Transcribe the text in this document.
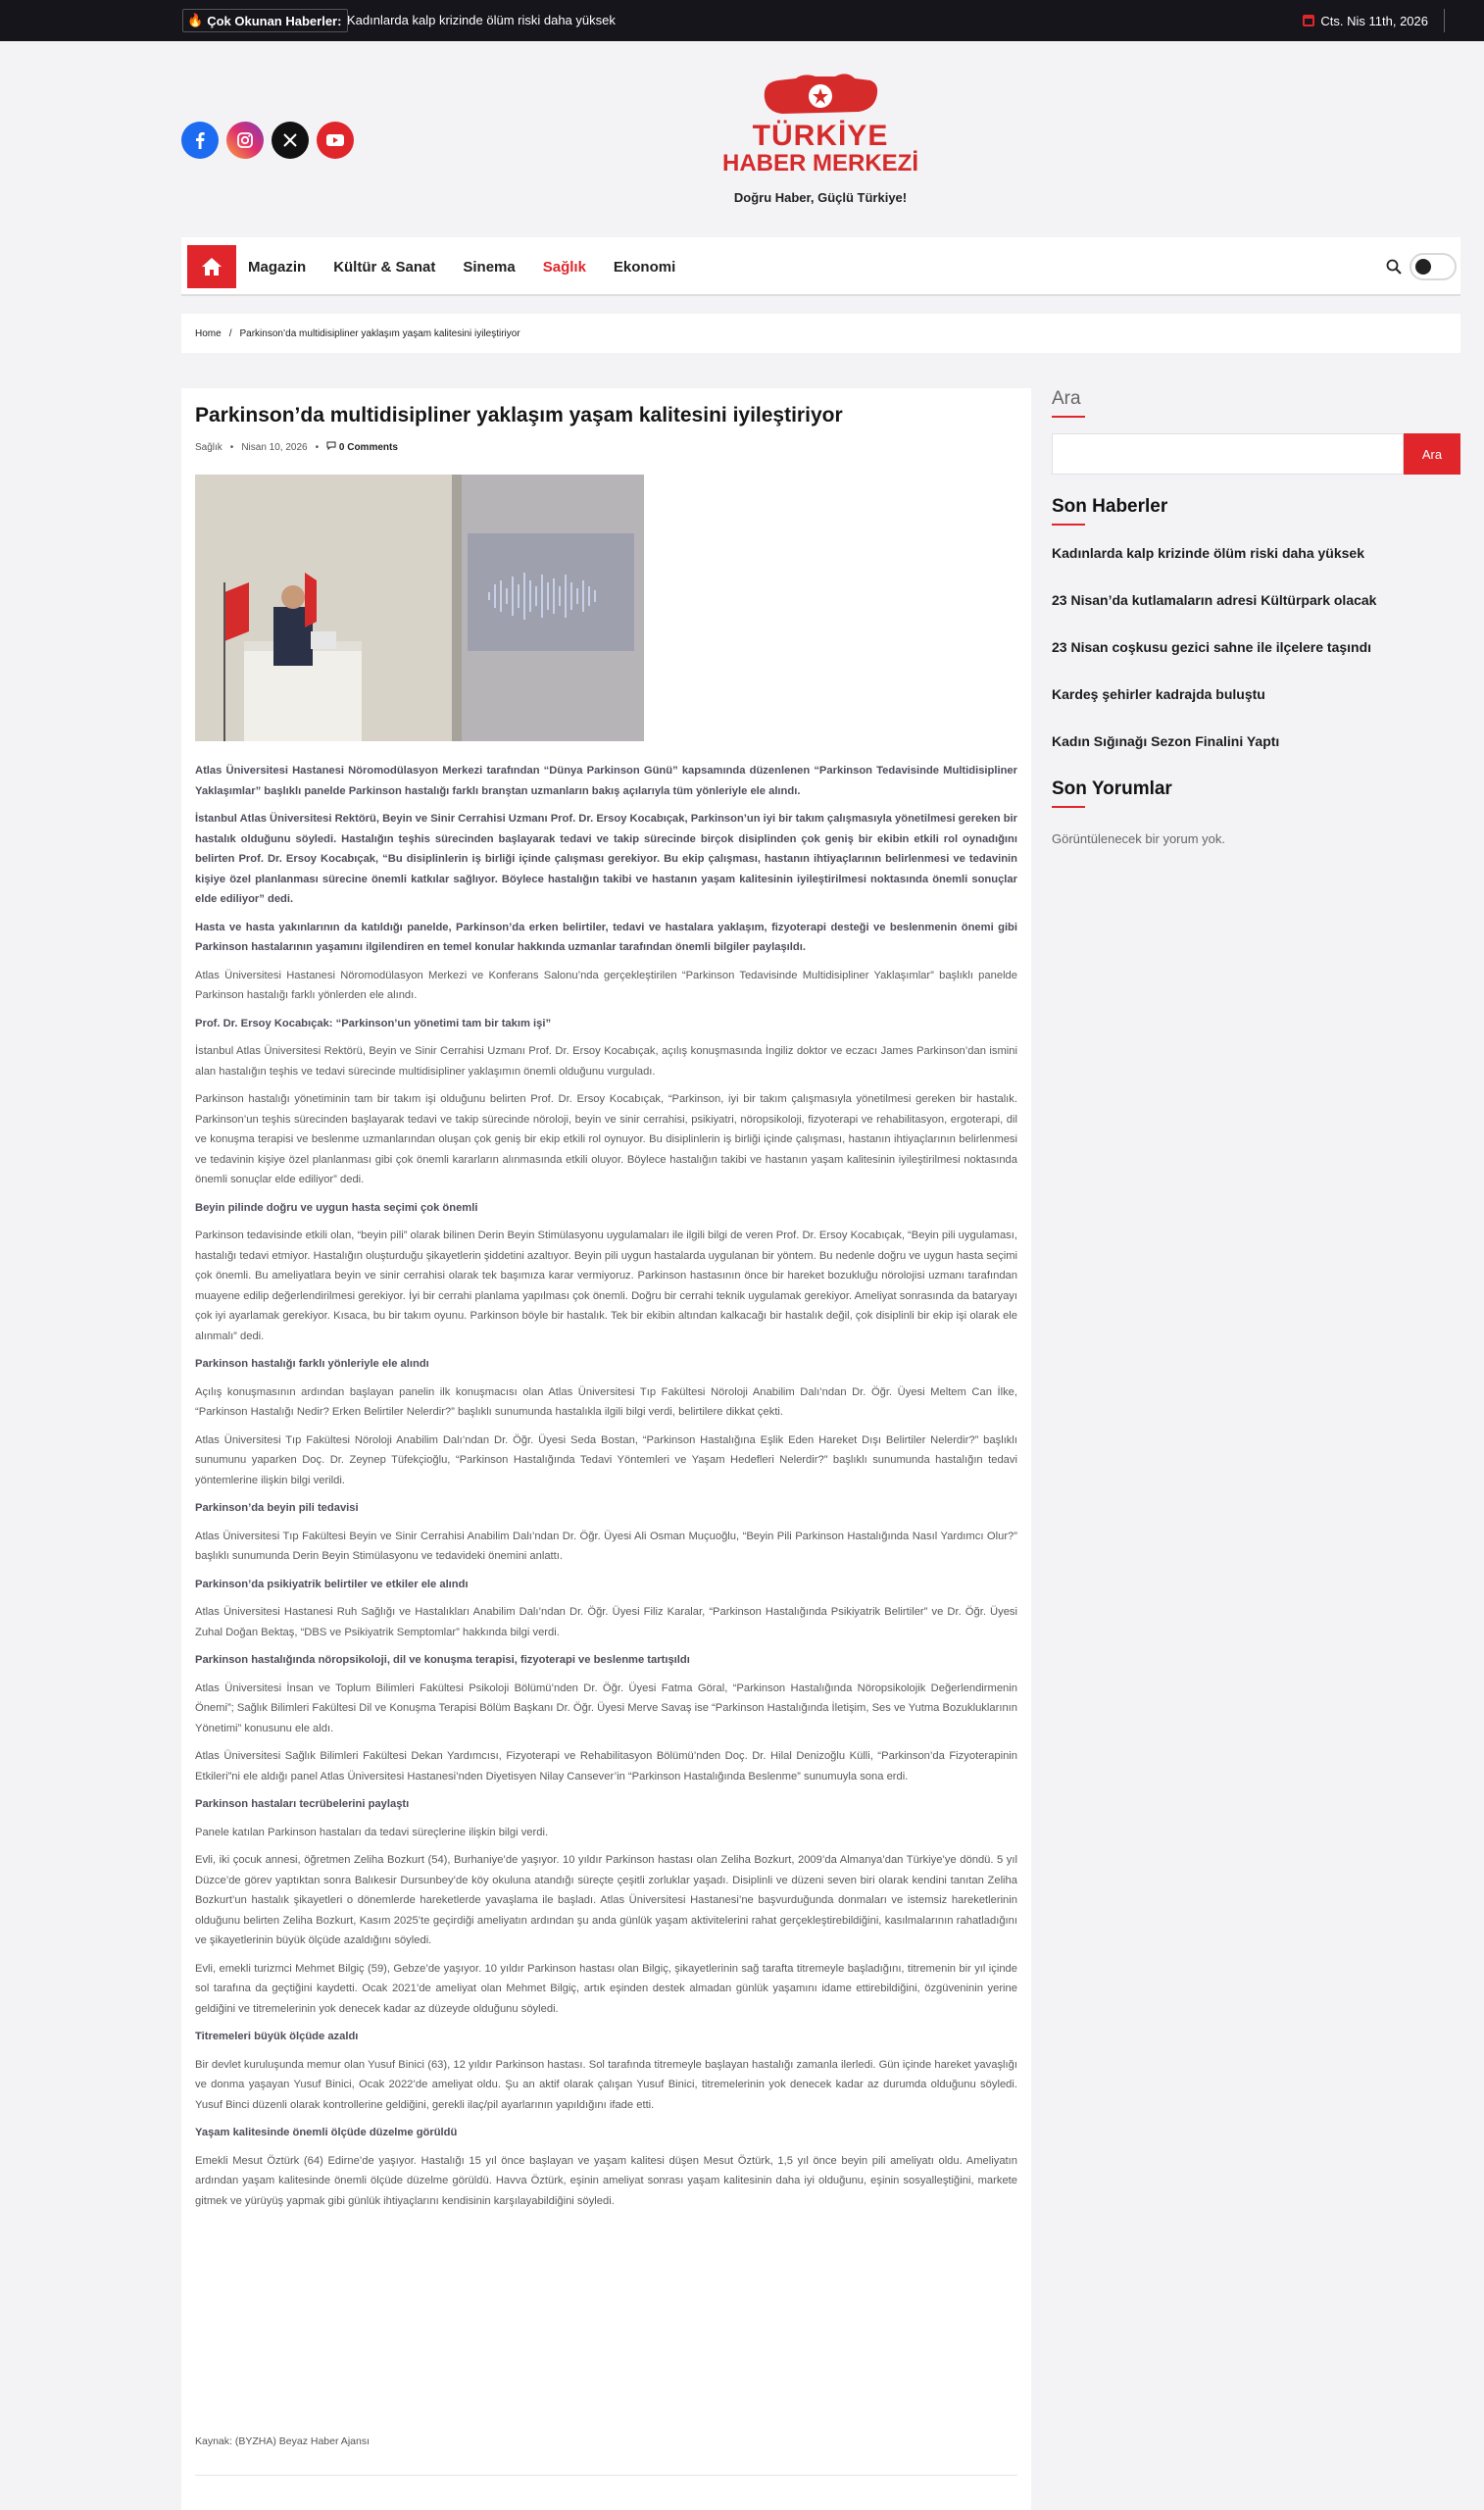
🔥 Çok Okunan Haberler: Kadınlarda kalp krizinde ölüm riski daha yüksek	Cts. Nis 11th, 2026
TÜRKİYE
HABER MERKEZİ
Doğru Haber, Güçlü Türkiye!
Magazin Kültür & Sanat Sinema Sağlık Ekonomi
Home / Parkinson’da multidisipliner yaklaşım yaşam kalitesini iyileştiriyor
Parkinson’da multidisipliner yaklaşım yaşam kalitesini iyileştiriyor
Sağlık • Nisan 10, 2026 •	0 Comments

Atlas Üniversitesi Hastanesi Nöromodülasyon Merkezi tarafından “Dünya Parkinson Günü” kapsamında düzenlenen “Parkinson Tedavisinde Multidisipliner Yaklaşımlar” başlıklı panelde Parkinson hastalığı farklı branştan uzmanların bakış açılarıyla tüm yönleriyle ele alındı.

İstanbul Atlas Üniversitesi Rektörü, Beyin ve Sinir Cerrahisi Uzmanı Prof. Dr. Ersoy Kocabıçak, Parkinson’un iyi bir takım çalışmasıyla yönetilmesi gereken bir hastalık olduğunu söyledi. Hastalığın teşhis sürecinden başlayarak tedavi ve takip sürecinde birçok disiplinden çok geniş bir ekibin etkili rol oynadığını belirten Prof. Dr. Ersoy Kocabıçak, “Bu disiplinlerin iş birliği içinde çalışması gerekiyor. Bu ekip çalışması, hastanın ihtiyaçlarının belirlenmesi ve tedavinin kişiye özel planlanması sürecine önemli katkılar sağlıyor. Böylece hastalığın takibi ve hastanın yaşam kalitesinin iyileştirilmesi noktasında önemli sonuçlar elde ediliyor” dedi.

Hasta ve hasta yakınlarının da katıldığı panelde, Parkinson’da erken belirtiler, tedavi ve hastalara yaklaşım, fizyoterapi desteği ve beslenmenin önemi gibi Parkinson hastalarının yaşamını ilgilendiren en temel konular hakkında uzmanlar tarafından önemli bilgiler paylaşıldı.

Atlas Üniversitesi Hastanesi Nöromodülasyon Merkezi ve Konferans Salonu’nda gerçekleştirilen “Parkinson Tedavisinde Multidisipliner Yaklaşımlar” başlıklı panelde Parkinson hastalığı farklı yönlerden ele alındı.

Prof. Dr. Ersoy Kocabıçak: “Parkinson’un yönetimi tam bir takım işi”

İstanbul Atlas Üniversitesi Rektörü, Beyin ve Sinir Cerrahisi Uzmanı Prof. Dr. Ersoy Kocabıçak, açılış konuşmasında İngiliz doktor ve eczacı James Parkinson’dan ismini alan hastalığın teşhis ve tedavi sürecinde multidisipliner yaklaşımın önemli olduğunu vurguladı.

Parkinson hastalığı yönetiminin tam bir takım işi olduğunu belirten Prof. Dr. Ersoy Kocabıçak, “Parkinson, iyi bir takım çalışmasıyla yönetilmesi gereken bir hastalık. Parkinson’un teşhis sürecinden başlayarak tedavi ve takip sürecinde nöroloji, beyin ve sinir cerrahisi, psikiyatri, nöropsikoloji, fizyoterapi ve rehabilitasyon, ergoterapi, dil ve konuşma terapisi ve beslenme uzmanlarından oluşan çok geniş bir ekip etkili rol oynuyor. Bu disiplinlerin iş birliği içinde çalışması, hastanın ihtiyaçlarının belirlenmesi ve tedavinin kişiye özel planlanması gibi çok önemli kararların alınmasında etkili oluyor. Böylece hastalığın takibi ve hastanın yaşam kalitesinin iyileştirilmesi noktasında önemli sonuçlar elde ediliyor” dedi.

Beyin pilinde doğru ve uygun hasta seçimi çok önemli

Parkinson tedavisinde etkili olan, “beyin pili” olarak bilinen Derin Beyin Stimülasyonu uygulamaları ile ilgili bilgi de veren Prof. Dr. Ersoy Kocabıçak, “Beyin pili uygulaması, hastalığı tedavi etmiyor. Hastalığın oluşturduğu şikayetlerin şiddetini azaltıyor. Beyin pili uygun hastalarda uygulanan bir yöntem. Bu nedenle doğru ve uygun hasta seçimi çok önemli. Bu ameliyatlara beyin ve sinir cerrahisi olarak tek başımıza karar vermiyoruz. Parkinson hastasının önce bir hareket bozukluğu nörolojisi uzmanı tarafından muayene edilip değerlendirilmesi gerekiyor. İyi bir cerrahi planlama yapılması çok önemli. Doğru bir cerrahi teknik uygulamak gerekiyor. Ameliyat sonrasında da bataryayı çok iyi ayarlamak gerekiyor. Kısaca, bu bir takım oyunu. Parkinson böyle bir hastalık. Tek bir ekibin altından kalkacağı bir hastalık değil, çok disiplinli bir ekip işi olarak ele alınmalı” dedi.

Parkinson hastalığı farklı yönleriyle ele alındı

Açılış konuşmasının ardından başlayan panelin ilk konuşmacısı olan Atlas Üniversitesi Tıp Fakültesi Nöroloji Anabilim Dalı’ndan Dr. Öğr. Üyesi Meltem Can İlke, “Parkinson Hastalığı Nedir? Erken Belirtiler Nelerdir?” başlıklı sunumunda hastalıkla ilgili bilgi verdi, belirtilere dikkat çekti.

Atlas Üniversitesi Tıp Fakültesi Nöroloji Anabilim Dalı’ndan Dr. Öğr. Üyesi Seda Bostan, “Parkinson Hastalığına Eşlik Eden Hareket Dışı Belirtiler Nelerdir?” başlıklı sunumunu yaparken Doç. Dr. Zeynep Tüfekçioğlu, “Parkinson Hastalığında Tedavi Yöntemleri ve Yaşam Hedefleri Nelerdir?” başlıklı sunumunda hastalığın tedavi yöntemlerine ilişkin bilgi verildi.

Parkinson’da beyin pili tedavisi

Atlas Üniversitesi Tıp Fakültesi Beyin ve Sinir Cerrahisi Anabilim Dalı’ndan Dr. Öğr. Üyesi Ali Osman Muçuoğlu, “Beyin Pili Parkinson Hastalığında Nasıl Yardımcı Olur?” başlıklı sunumunda Derin Beyin Stimülasyonu ve tedavideki önemini anlattı.

Parkinson’da psikiyatrik belirtiler ve etkiler ele alındı

Atlas Üniversitesi Hastanesi Ruh Sağlığı ve Hastalıkları Anabilim Dalı’ndan Dr. Öğr. Üyesi Filiz Karalar, “Parkinson Hastalığında Psikiyatrik Belirtiler” ve Dr. Öğr. Üyesi Zuhal Doğan Bektaş, “DBS ve Psikiyatrik Semptomlar” hakkında bilgi verdi.

Parkinson hastalığında nöropsikoloji, dil ve konuşma terapisi, fizyoterapi ve beslenme tartışıldı

Atlas Üniversitesi İnsan ve Toplum Bilimleri Fakültesi Psikoloji Bölümü’nden Dr. Öğr. Üyesi Fatma Göral, “Parkinson Hastalığında Nöropsikolojik Değerlendirmenin Önemi”; Sağlık Bilimleri Fakültesi Dil ve Konuşma Terapisi Bölüm Başkanı Dr. Öğr. Üyesi Merve Savaş ise “Parkinson Hastalığında İletişim, Ses ve Yutma Bozukluklarının Yönetimi” konusunu ele aldı.

Atlas Üniversitesi Sağlık Bilimleri Fakültesi Dekan Yardımcısı, Fizyoterapi ve Rehabilitasyon Bölümü’nden Doç. Dr. Hilal Denizoğlu Külli, “Parkinson’da Fizyoterapinin Etkileri”ni ele aldığı panel Atlas Üniversitesi Hastanesi’nden Diyetisyen Nilay Cansever’in “Parkinson Hastalığında Beslenme” sunumuyla sona erdi.

Parkinson hastaları tecrübelerini paylaştı

Panele katılan Parkinson hastaları da tedavi süreçlerine ilişkin bilgi verdi.

Evli, iki çocuk annesi, öğretmen Zeliha Bozkurt (54), Burhaniye’de yaşıyor. 10 yıldır Parkinson hastası olan Zeliha Bozkurt, 2009’da Almanya’dan Türkiye’ye döndü. 5 yıl Düzce’de görev yaptıktan sonra Balıkesir Dursunbey’de köy okuluna atandığı süreçte çeşitli zorluklar yaşadı. Disiplinli ve düzeni seven biri olarak kendini tanıtan Zeliha Bozkurt’un hastalık şikayetleri o dönemlerde hareketlerde yavaşlama ile başladı. Atlas Üniversitesi Hastanesi’ne başvurduğunda donmaları ve istemsiz hareketlerinin olduğunu belirten Zeliha Bozkurt, Kasım 2025’te geçirdiği ameliyatın ardından şu anda günlük yaşam aktivitelerini rahat gerçekleştirebildiğini, kasılmalarının rahatladığını ve şikayetlerinin büyük ölçüde azaldığını söyledi.

Evli, emekli turizmci Mehmet Bilgiç (59), Gebze’de yaşıyor. 10 yıldır Parkinson hastası olan Bilgiç, şikayetlerinin sağ tarafta titremeyle başladığını, titremenin bir yıl içinde sol tarafına da geçtiğini kaydetti. Ocak 2021’de ameliyat olan Mehmet Bilgiç, artık eşinden destek almadan günlük yaşamını idame ettirebildiğini, özgüveninin yerine geldiğini ve titremelerinin yok denecek kadar az düzeyde olduğunu söyledi.

Titremeleri büyük ölçüde azaldı

Bir devlet kuruluşunda memur olan Yusuf Binici (63), 12 yıldır Parkinson hastası. Sol tarafında titremeyle başlayan hastalığı zamanla ilerledi. Gün içinde hareket yavaşlığı ve donma yaşayan Yusuf Binici, Ocak 2022’de ameliyat oldu. Şu an aktif olarak çalışan Yusuf Binici, titremelerinin yok denecek kadar az durumda olduğunu söyledi. Yusuf Binci düzenli olarak kontrollerine geldiğini, gerekli ilaç/pil ayarlarının yapıldığını ifade etti.

Yaşam kalitesinde önemli ölçüde düzelme görüldü

Emekli Mesut Öztürk (64) Edirne’de yaşıyor. Hastalığı 15 yıl önce başlayan ve yaşam kalitesi düşen Mesut Öztürk, 1,5 yıl önce beyin pili ameliyatı oldu. Ameliyatın ardından yaşam kalitesinde önemli ölçüde düzelme görüldü. Havva Öztürk, eşinin ameliyat sonrası yaşam kalitesinin daha iyi olduğunu, eşinin sosyalleştiğini, markete gitmek ve yürüyüş yapmak gibi günlük ihtiyaçlarını kendisinin karşılayabildiğini söyledi.

Kaynak: (BYZHA) Beyaz Haber Ajansı
Ara
Ara
Son Haberler
Kadınlarda kalp krizinde ölüm riski daha yüksek
23 Nisan’da kutlamaların adresi Kültürpark olacak
23 Nisan coşkusu gezici sahne ile ilçelere taşındı
Kardeş şehirler kadrajda buluştu
Kadın Sığınağı Sezon Finalini Yaptı
Son Yorumlar
Görüntülenecek bir yorum yok.
